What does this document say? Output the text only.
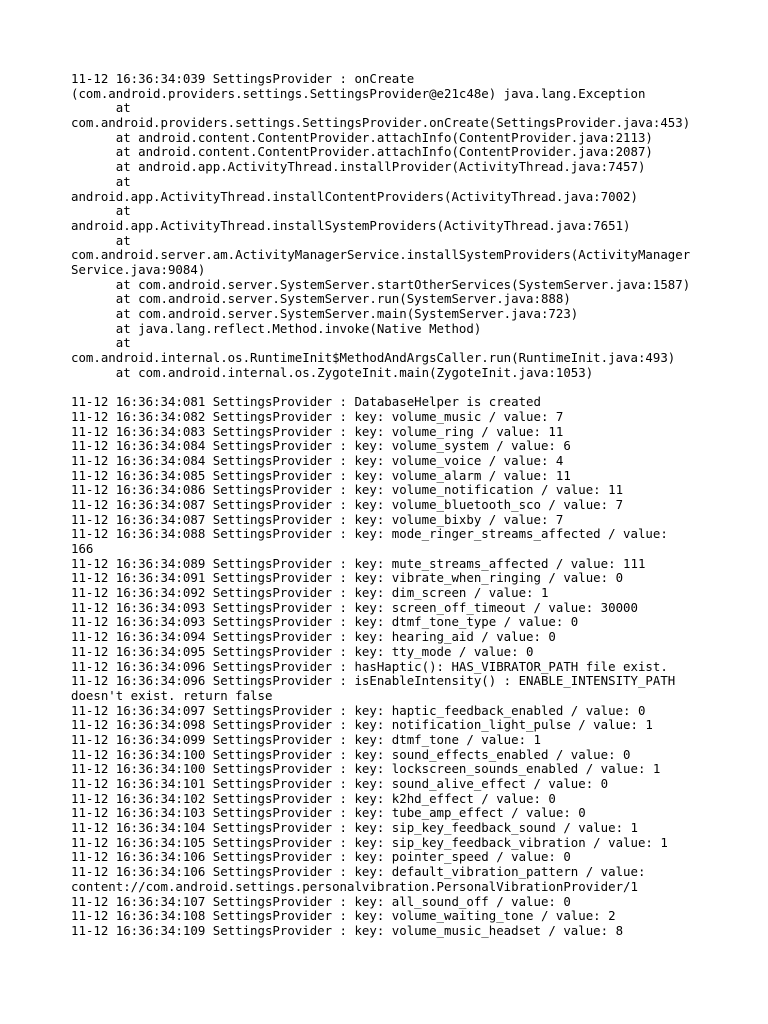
11-12 16:36:34:039 SettingsProvider : onCreate
(com.android.providers.settings.SettingsProvider@e21c48e) java.lang.Exception
at
com.android.providers.settings.SettingsProvider.onCreate(SettingsProvider.java:453)
at android.content.ContentProvider.attachInfo(ContentProvider.java:2113)
at android.content.ContentProvider.attachInfo(ContentProvider.java:2087)
at android.app.ActivityThread.installProvider(ActivityThread.java:7457)
at
android.app.ActivityThread.installContentProviders(ActivityThread.java:7002)
at
android.app.ActivityThread.installSystemProviders(ActivityThread.java:7651)
at
com.android.server.am.ActivityManagerService.installSystemProviders(ActivityManager
Service.java:9084)
at com.android.server.SystemServer.startOtherServices(SystemServer.java:1587)
at com.android.server.SystemServer.run(SystemServer.java:888)
at com.android.server.SystemServer.main(SystemServer.java:723)
at java.lang.reflect.Method.invoke(Native Method)
at
com.android.internal.os.RuntimeInit$MethodAndArgsCaller.run(RuntimeInit.java:493)
at com.android.internal.os.ZygoteInit.main(ZygoteInit.java:1053)
11-12 16:36:34:081 SettingsProvider : DatabaseHelper is created
11-12 16:36:34:082 SettingsProvider : key: volume_music / value: 7
11-12 16:36:34:083 SettingsProvider : key: volume_ring / value: 11
11-12 16:36:34:084 SettingsProvider : key: volume_system / value: 6
11-12 16:36:34:084 SettingsProvider : key: volume_voice / value: 4
11-12 16:36:34:085 SettingsProvider : key: volume_alarm / value: 11
11-12 16:36:34:086 SettingsProvider : key: volume_notification / value: 11
11-12 16:36:34:087 SettingsProvider : key: volume_bluetooth_sco / value: 7
11-12 16:36:34:087 SettingsProvider : key: volume_bixby / value: 7
11-12 16:36:34:088 SettingsProvider : key: mode_ringer_streams_affected / value:
166
11-12 16:36:34:089 SettingsProvider : key: mute_streams_affected / value: 111
11-12 16:36:34:091 SettingsProvider : key: vibrate_when_ringing / value: 0
11-12 16:36:34:092 SettingsProvider : key: dim_screen / value: 1
11-12 16:36:34:093 SettingsProvider : key: screen_off_timeout / value: 30000
11-12 16:36:34:093 SettingsProvider : key: dtmf_tone_type / value: 0
11-12 16:36:34:094 SettingsProvider : key: hearing_aid / value: 0
11-12 16:36:34:095 SettingsProvider : key: tty_mode / value: 0
11-12 16:36:34:096 SettingsProvider : hasHaptic(): HAS_VIBRATOR_PATH file exist.
11-12 16:36:34:096 SettingsProvider : isEnableIntensity() : ENABLE_INTENSITY_PATH
doesn't exist. return false
11-12 16:36:34:097 SettingsProvider : key: haptic_feedback_enabled / value: 0
11-12 16:36:34:098 SettingsProvider : key: notification_light_pulse / value: 1
11-12 16:36:34:099 SettingsProvider : key: dtmf_tone / value: 1
11-12 16:36:34:100 SettingsProvider : key: sound_effects_enabled / value: 0
11-12 16:36:34:100 SettingsProvider : key: lockscreen_sounds_enabled / value: 1
11-12 16:36:34:101 SettingsProvider : key: sound_alive_effect / value: 0
11-12 16:36:34:102 SettingsProvider : key: k2hd_effect / value: 0
11-12 16:36:34:103 SettingsProvider : key: tube_amp_effect / value: 0
11-12 16:36:34:104 SettingsProvider : key: sip_key_feedback_sound / value: 1
11-12 16:36:34:105 SettingsProvider : key: sip_key_feedback_vibration / value: 1
11-12 16:36:34:106 SettingsProvider : key: pointer_speed / value: 0
11-12 16:36:34:106 SettingsProvider : key: default_vibration_pattern / value:
content://com.android.settings.personalvibration.PersonalVibrationProvider/1
11-12 16:36:34:107 SettingsProvider : key: all_sound_off / value: 0
11-12 16:36:34:108 SettingsProvider : key: volume_waiting_tone / value: 2
11-12 16:36:34:109 SettingsProvider : key: volume_music_headset / value: 8
